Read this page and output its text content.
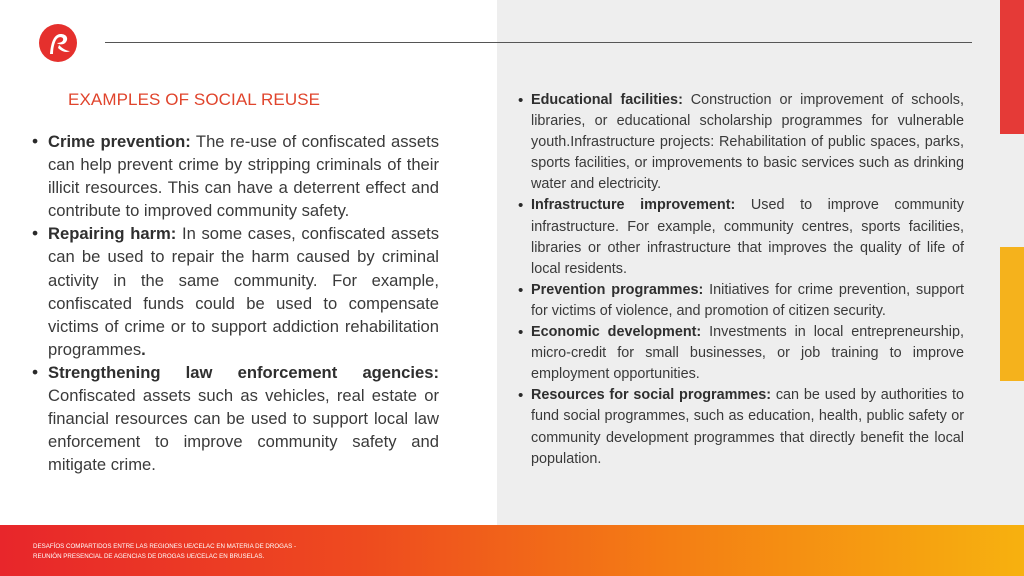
EXAMPLES OF SOCIAL REUSE
• Crime prevention: The re-use of confiscated assets can help prevent crime by stripping criminals of their illicit resources. This can have a deterrent effect and contribute to improved community safety.
• Repairing harm: In some cases, confiscated assets can be used to repair the harm caused by criminal activity in the same community. For example, confiscated funds could be used to compensate victims of crime or to support addiction rehabilitation programmes.
• Strengthening law enforcement agencies: Confiscated assets such as vehicles, real estate or financial resources can be used to support local law enforcement to improve community safety and mitigate crime.
• Educational facilities: Construction or improvement of schools, libraries, or educational scholarship programmes for vulnerable youth.Infrastructure projects: Rehabilitation of public spaces, parks, sports facilities, or improvements to basic services such as drinking water and electricity.
• Infrastructure improvement: Used to improve community infrastructure. For example, community centres, sports facilities, libraries or other infrastructure that improves the quality of life of local residents.
• Prevention programmes: Initiatives for crime prevention, support for victims of violence, and promotion of citizen security.
• Economic development: Investments in local entrepreneurship, micro-credit for small businesses, or job training to improve employment opportunities.
• Resources for social programmes: can be used by authorities to fund social programmes, such as education, health, public safety or community development programmes that directly benefit the local population.
DESAFÍOS COMPARTIDOS ENTRE LAS REGIONES UE/CELAC EN MATERIA DE DROGAS -
REUNIÓN PRESENCIAL DE AGENCIAS DE DROGAS UE/CELAC EN BRUSELAS.
